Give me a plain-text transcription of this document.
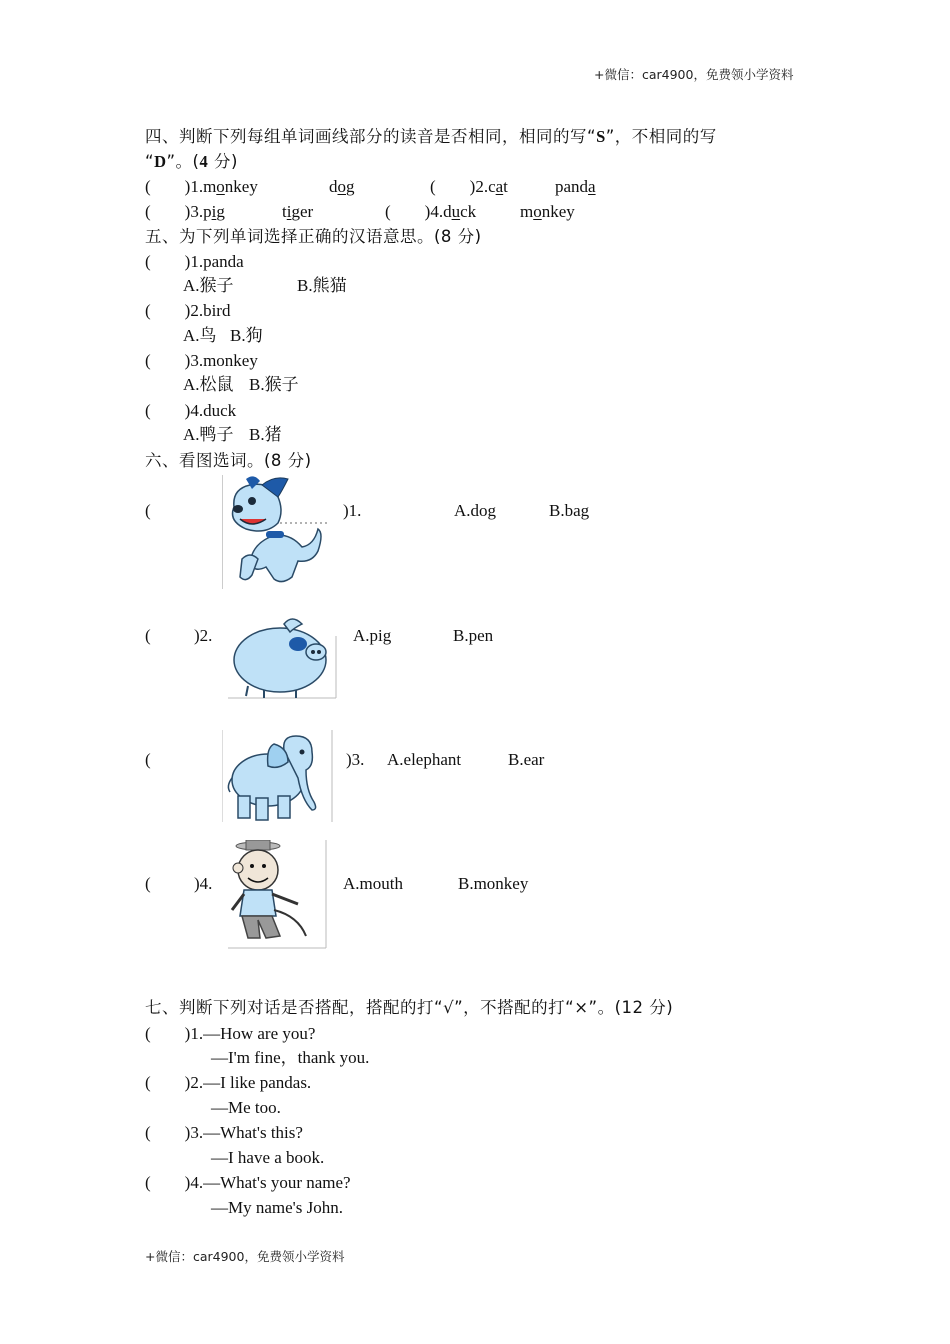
+微信：car4900，免费领小学资料
四、判断下列每组单词画线部分的读音是否相同，相同的写“S”，不相同的写
“D”。(4 分)
(　　)1.monkey	dog	(　　)2.cat	panda
(　　)3.pig	tiger	(　　)4.duck	monkey
五、为下列单词选择正确的汉语意思。(8 分)
(　　)1.panda
A.猴子	B.熊猫
(　　)2.bird
A.鸟 B.狗
(　　)3.monkey
A.松鼠 B.猴子
(　　)4.duck
A.鸭子 B.猪
六、看图选词。(8 分)
(	)1.	A.dog	B.bag
(	)2.	A.pig	B.pen
(	)3. A.elephant	B.ear
(	)4.	A.mouth	B.monkey
七、判断下列对话是否搭配，搭配的打“√”，不搭配的打“×”。(12 分)
(　　)1.—How are you?
—I'm fine，thank you.
(　　)2.—I like pandas.
—Me too.
(　　)3.—What's this?
—I have a book.
(　　)4.—What's your name?
—My name's John.
+微信：car4900，免费领小学资料
